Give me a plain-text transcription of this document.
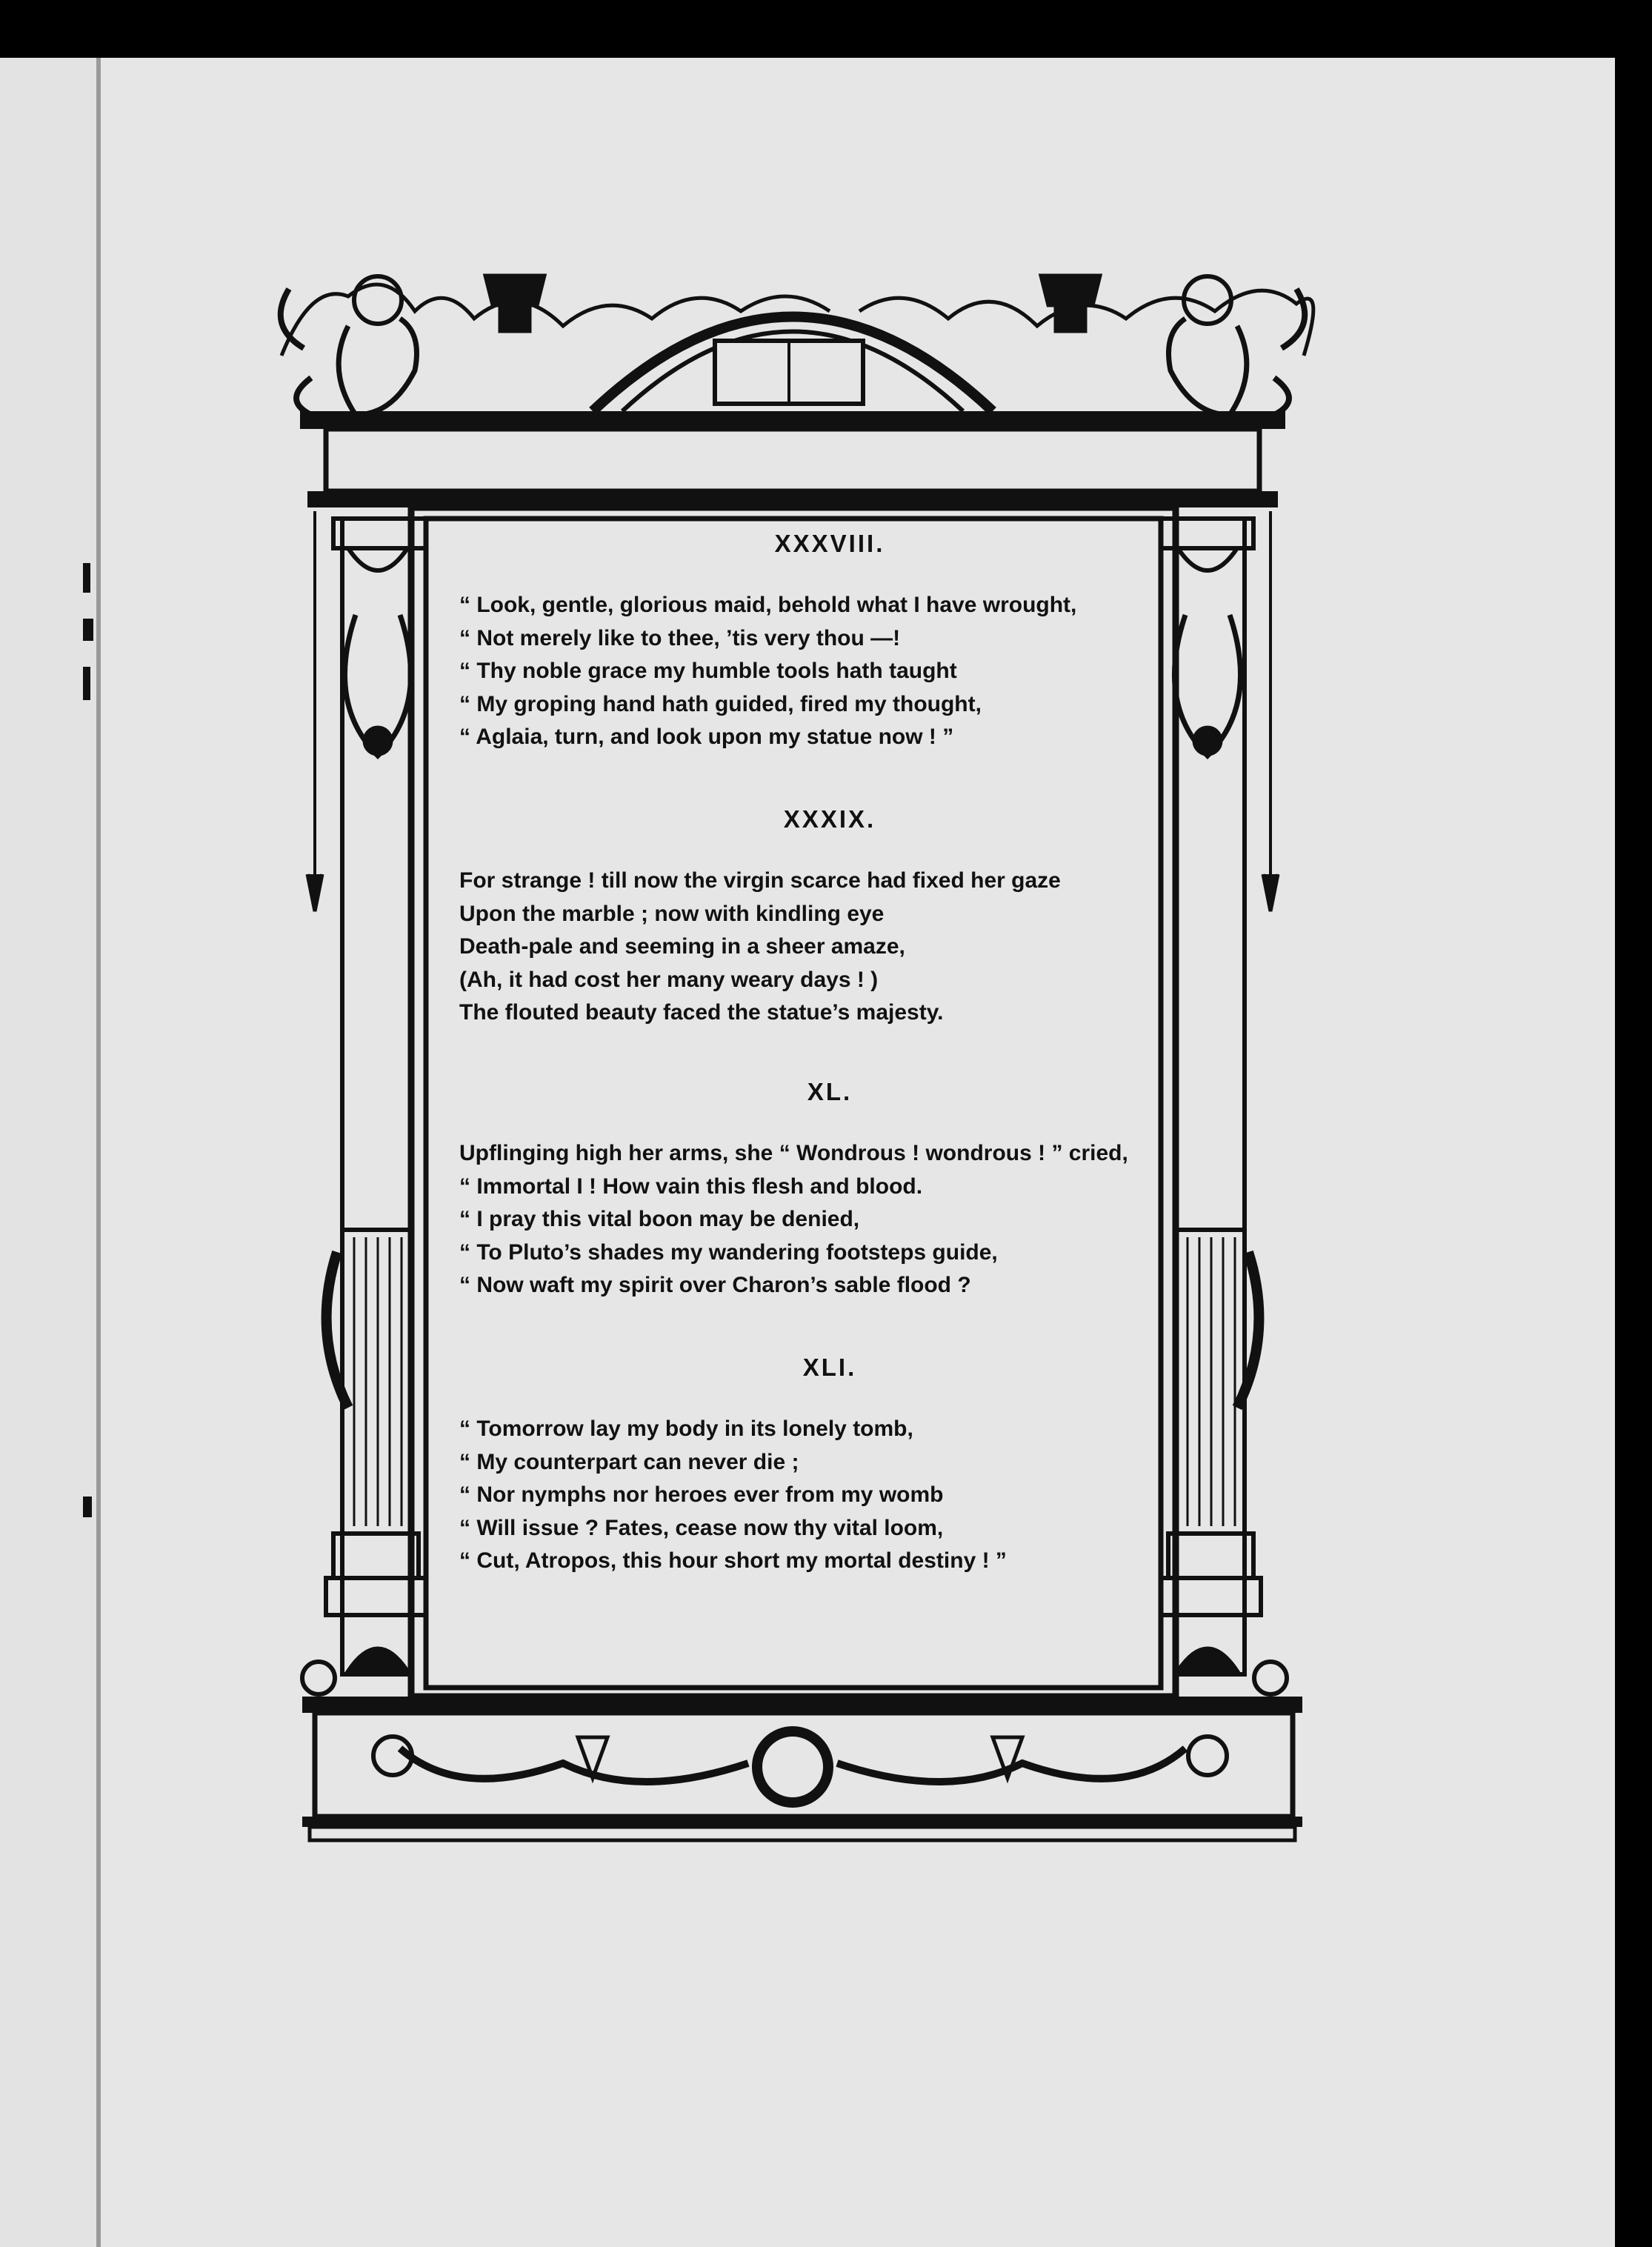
XXXVIII.
“ Look, gentle, glorious maid, behold what I have wrought,
“ Not merely like to thee, ’tis very thou —!
“ Thy noble grace my humble tools hath taught
“ My groping hand hath guided, fired my thought,
“ Aglaia, turn, and look upon my statue now ! ”
XXXIX.
For strange ! till now the virgin scarce had fixed her gaze
Upon the marble ; now with kindling eye
Death-pale and seeming in a sheer amaze,
(Ah, it had cost her many weary days ! )
The flouted beauty faced the statue’s majesty.
XL.
Upflinging high her arms, she “ Wondrous ! wondrous ! ” cried,
“ Immortal I ! How vain this flesh and blood.
“ I pray this vital boon may be denied,
“ To Pluto’s shades my wandering footsteps guide,
“ Now waft my spirit over Charon’s sable flood ?
XLI.
“ Tomorrow lay my body in its lonely tomb,
“ My counterpart can never die ;
“ Nor nymphs nor heroes ever from my womb
“ Will issue ? Fates, cease now thy vital loom,
“ Cut, Atropos, this hour short my mortal destiny ! ”
